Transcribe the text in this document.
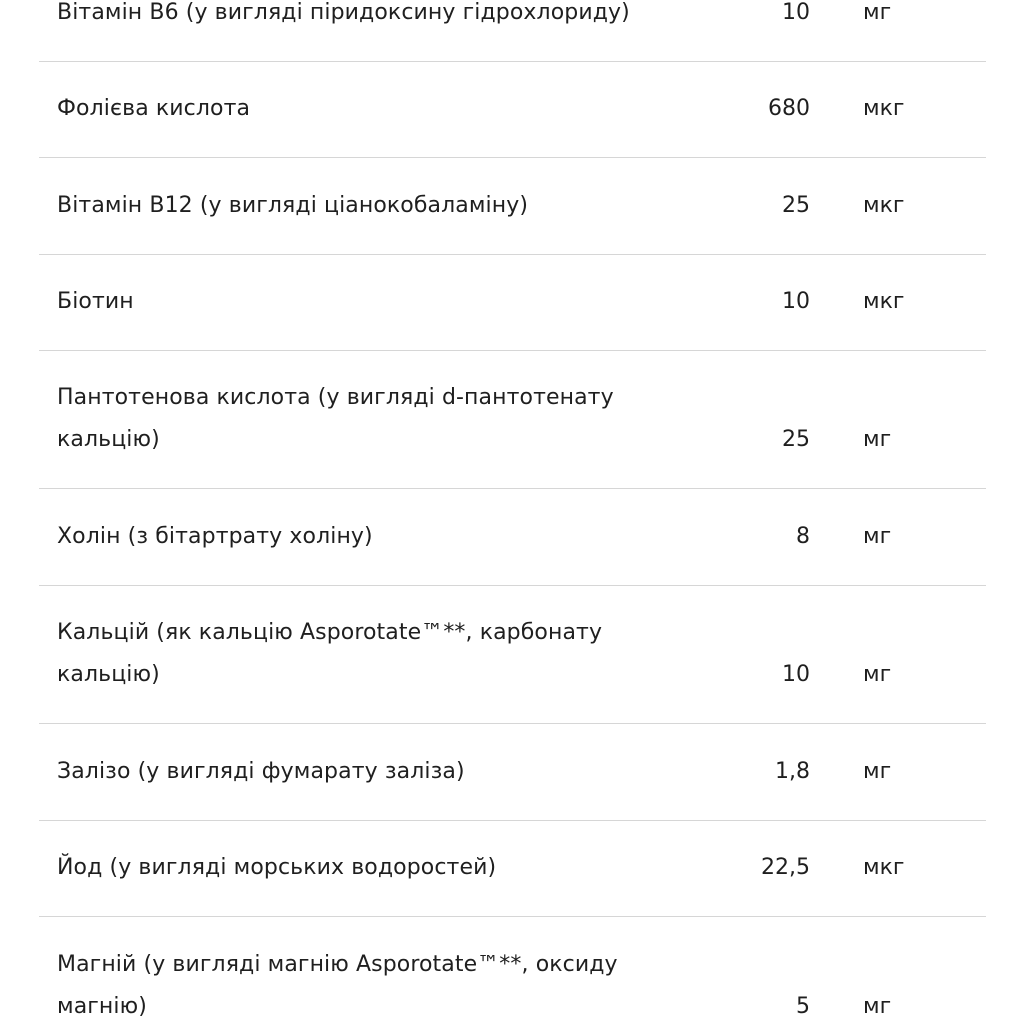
Вітамін B6 (у вигляді піридоксину гідрохлориду)	10 мг
Фолієва кислота	680 мкг
Вітамін B12 (у вигляді ціанокобаламіну)	25 мкг
Біотин	10 мкг
Пантотенова кислота (у вигляді d-пантотенату кальцію)	25 мг
Холін (з бітартрату холіну)	8 мг
Кальцій (як кальцію Asporotate™**, карбонату кальцію)	10 мг
Залізо (у вигляді фумарату заліза)	1,8 мг
Йод (у вигляді морських водоростей)	22,5 мкг
Магній (у вигляді магнію Asporotate™**, оксиду магнію)	5 мг
